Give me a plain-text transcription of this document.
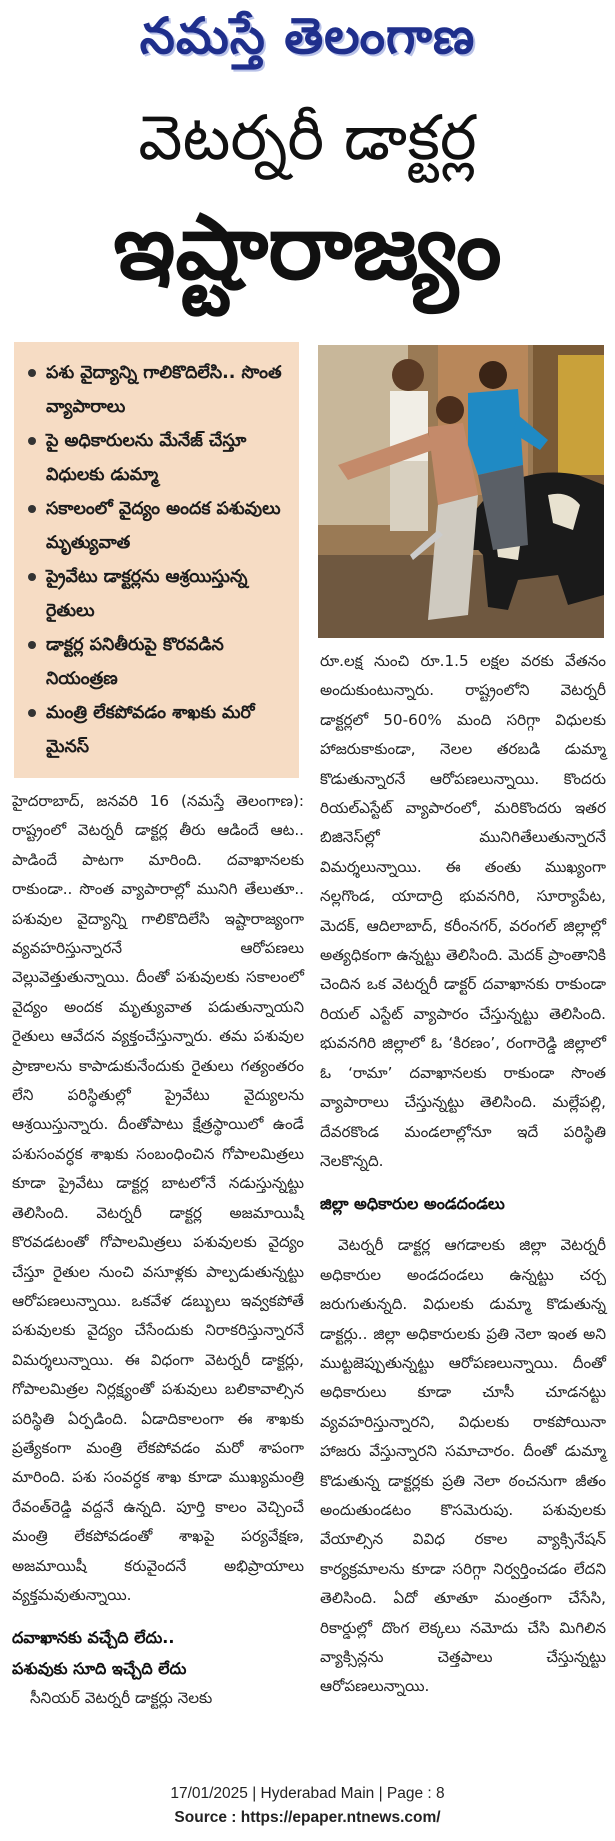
నమస్తే తెలంగాణ
వెటర్నరీ డాక్టర్ల
ఇష్టారాజ్యం
పశు వైద్యాన్ని గాలికొదిలేసి.. సొంత వ్యాపారాలు
పై అధికారులను మేనేజ్ చేస్తూ విధులకు డుమ్మా
సకాలంలో వైద్యం అందక పశువులు మృత్యువాత
ప్రైవేటు డాక్టర్లను ఆశ్రయిస్తున్న రైతులు
డాక్టర్ల పనితీరుపై కొరవడిన నియంత్రణ
మంత్రి లేకపోవడం శాఖకు మరో మైనస్

హైదరాబాద్, జనవరి 16 (నమస్తే తెలంగాణ): రాష్ట్రంలో వెటర్నరీ డాక్టర్ల తీరు ఆడిందే ఆట.. పాడిందే పాటగా మారింది. దవాఖానలకు రాకుండా.. సొంత వ్యాపారాల్లో మునిగి తేలుతూ.. పశువుల వైద్యాన్ని గాలికొదిలేసి ఇష్టారాజ్యంగా వ్యవహరిస్తున్నారనే ఆరోపణలు వెల్లువెత్తుతున్నాయి. దీంతో పశువులకు సకాలంలో వైద్యం అందక మృత్యువాత పడుతున్నాయని రైతులు ఆవేదన వ్యక్తంచేస్తున్నారు. తమ పశువుల ప్రాణాలను కాపాడుకునేందుకు రైతులు గత్యంతరం లేని పరిస్థితుల్లో ప్రైవేటు వైద్యులను ఆశ్రయిస్తున్నారు. దీంతోపాటు క్షేత్రస్థాయిలో ఉండే పశుసంవర్ధక శాఖకు సంబంధించిన గోపాలమిత్రలు కూడా ప్రైవేటు డాక్టర్ల బాటలోనే నడుస్తున్నట్టు తెలిసింది. వెటర్నరీ డాక్టర్ల అజమాయిషీ కొరవడటంతో గోపాలమిత్రలు పశువులకు వైద్యం చేస్తూ రైతుల నుంచి వసూళ్లకు పాల్పడుతున్నట్టు ఆరోపణలున్నాయి. ఒకవేళ డబ్బులు ఇవ్వకపోతే పశువులకు వైద్యం చేసేందుకు నిరాకరిస్తున్నారనే విమర్శలున్నాయి. ఈ విధంగా వెటర్నరీ డాక్టర్లు, గోపాలమిత్రల నిర్లక్ష్యంతో పశువులు బలికావాల్సిన పరిస్థితి ఏర్పడింది. ఏడాదికాలంగా ఈ శాఖకు ప్రత్యేకంగా మంత్రి లేకపోవడం మరో శాపంగా మారింది. పశు సంవర్ధక శాఖ కూడా ముఖ్యమంత్రి రేవంత్‌రెడ్డి వద్దనే ఉన్నది. పూర్తి కాలం వెచ్చించే మంత్రి లేకపోవడంతో శాఖపై పర్యవేక్షణ, అజమాయిషీ కరువైందనే అభిప్రాయాలు వ్యక్తమవుతున్నాయి.

దవాఖానకు వచ్చేది లేదు..
పశువుకు సూది ఇచ్చేది లేదు

సీనియర్ వెటర్నరీ డాక్టర్లు నెలకు

రూ.లక్ష నుంచి రూ.1.5 లక్షల వరకు వేతనం అందుకుంటున్నారు. రాష్ట్రంలోని వెటర్నరీ డాక్టర్లలో 50-60% మంది సరిగ్గా విధులకు హాజరుకాకుండా, నెలల తరబడి డుమ్మా కొడుతున్నారనే ఆరోపణలున్నాయి. కొందరు రియల్‌ఎస్టేట్ వ్యాపారంలో, మరికొందరు ఇతర బిజినెస్‌ల్లో మునిగితేలుతున్నారనే విమర్శలున్నాయి. ఈ తంతు ముఖ్యంగా నల్లగొండ, యాదాద్రి భువనగిరి, సూర్యాపేట, మెదక్, ఆదిలాబాద్, కరీంనగర్, వరంగల్ జిల్లాల్లో అత్యధికంగా ఉన్నట్టు తెలిసింది. మెదక్ ప్రాంతానికి చెందిన ఒక వెటర్నరీ డాక్టర్ దవాఖానకు రాకుండా రియల్ ఎస్టేట్ వ్యాపారం చేస్తున్నట్టు తెలిసింది. భువనగిరి జిల్లాలో ఓ ‘కిరణం’, రంగారెడ్డి జిల్లాలో ఓ ‘రామా’ దవాఖానలకు రాకుండా సొంత వ్యాపారాలు చేస్తున్నట్టు తెలిసింది. మల్లేపల్లి, దేవరకొండ మండలాల్లోనూ ఇదే పరిస్థితి నెలకొన్నది.

జిల్లా అధికారుల అండదండలు

వెటర్నరీ డాక్టర్ల ఆగడాలకు జిల్లా వెటర్నరీ అధికారుల అండదండలు ఉన్నట్టు చర్చ జరుగుతున్నది. విధులకు డుమ్మా కొడుతున్న డాక్టర్లు.. జిల్లా అధికారులకు ప్రతి నెలా ఇంత అని ముట్టజెప్పుతున్నట్టు ఆరోపణలున్నాయి. దీంతో అధికారులు కూడా చూసీ చూడనట్టు వ్యవహరిస్తున్నారని, విధులకు రాకపోయినా హాజరు వేస్తున్నారని సమాచారం. దీంతో డుమ్మా కొడుతున్న డాక్టర్లకు ప్రతి నెలా ఠంచనుగా జీతం అందుతుండటం కొసమెరుపు. పశువులకు వేయాల్సిన వివిధ రకాల వ్యాక్సినేషన్ కార్యక్రమాలను కూడా సరిగ్గా నిర్వర్తించడం లేదని తెలిసింది. ఏదో తూతూ మంత్రంగా చేసేసి, రికార్డుల్లో దొంగ లెక్కలు నమోదు చేసి మిగిలిన వ్యాక్సిన్లను చెత్తపాలు చేస్తున్నట్టు ఆరోపణలున్నాయి.

17/01/2025 | Hyderabad Main | Page : 8
Source : https://epaper.ntnews.com/
